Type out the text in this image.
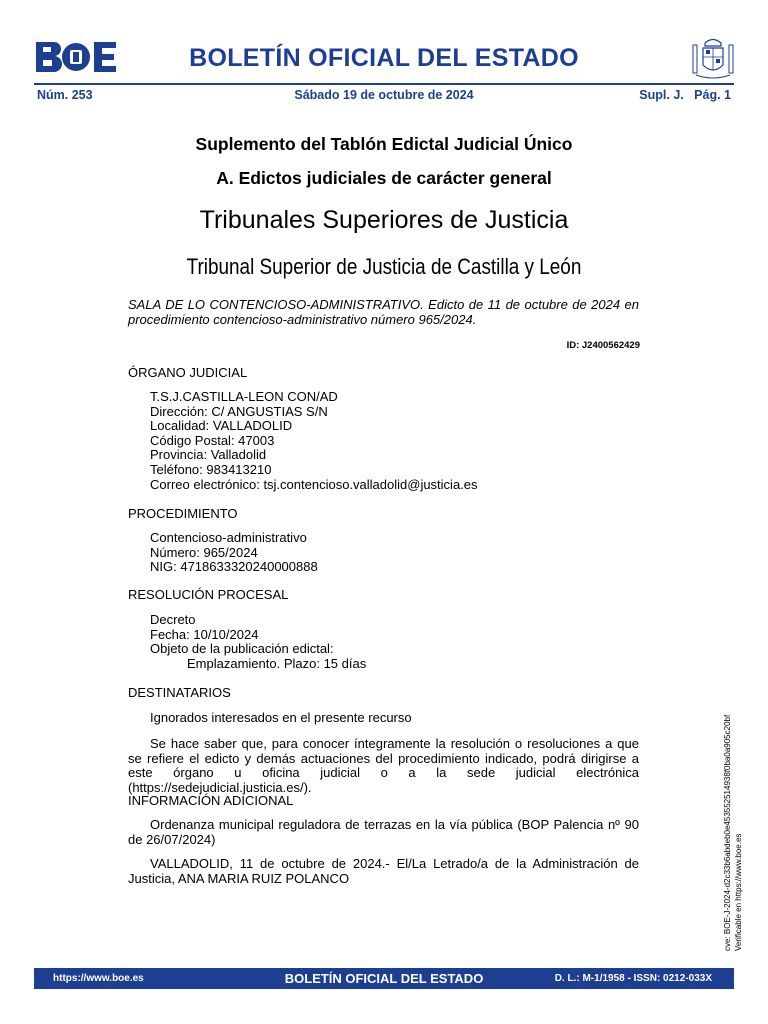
BOLETÍN OFICIAL DEL ESTADO
Núm. 253	Sábado 19 de octubre de 2024	Supl. J.   Pág. 1
Suplemento del Tablón Edictal Judicial Único
A. Edictos judiciales de carácter general
Tribunales Superiores de Justicia
Tribunal Superior de Justicia de Castilla y León
SALA DE LO CONTENCIOSO-ADMINISTRATIVO. Edicto de 11 de octubre de 2024 en procedimiento contencioso-administrativo número 965/2024.
ID: J2400562429
ÓRGANO JUDICIAL
T.S.J.CASTILLA-LEON CON/AD
Dirección: C/ ANGUSTIAS S/N
Localidad: VALLADOLID
Código Postal: 47003
Provincia: Valladolid
Teléfono: 983413210
Correo electrónico: tsj.contencioso.valladolid@justicia.es
PROCEDIMIENTO
Contencioso-administrativo
Número: 965/2024
NIG: 4718633320240000888
RESOLUCIÓN PROCESAL
Decreto
Fecha: 10/10/2024
Objeto de la publicación edictal:
Emplazamiento. Plazo: 15 días
DESTINATARIOS
Ignorados interesados en el presente recurso
Se hace saber que, para conocer íntegramente la resolución o resoluciones a que se refiere el edicto y demás actuaciones del procedimiento indicado, podrá dirigirse a este órgano u oficina judicial o a la sede judicial electrónica (https://sedejudicial.justicia.es/).
INFORMACIÓN ADICIONAL
Ordenanza municipal reguladora de terrazas en la vía pública (BOP Palencia nº 90 de 26/07/2024)
VALLADOLID, 11 de octubre de 2024.- El/La Letrado/a de la Administración de Justicia, ANA MARIA RUIZ POLANCO	cve: BOE-J-2024-d2c33b6abdeb0e453552514938f0ba0a905c20bf Verificable en https://www.boe.es
https://www.boe.es	BOLETÍN OFICIAL DEL ESTADO	D. L.: M-1/1958 - ISSN: 0212-033X
